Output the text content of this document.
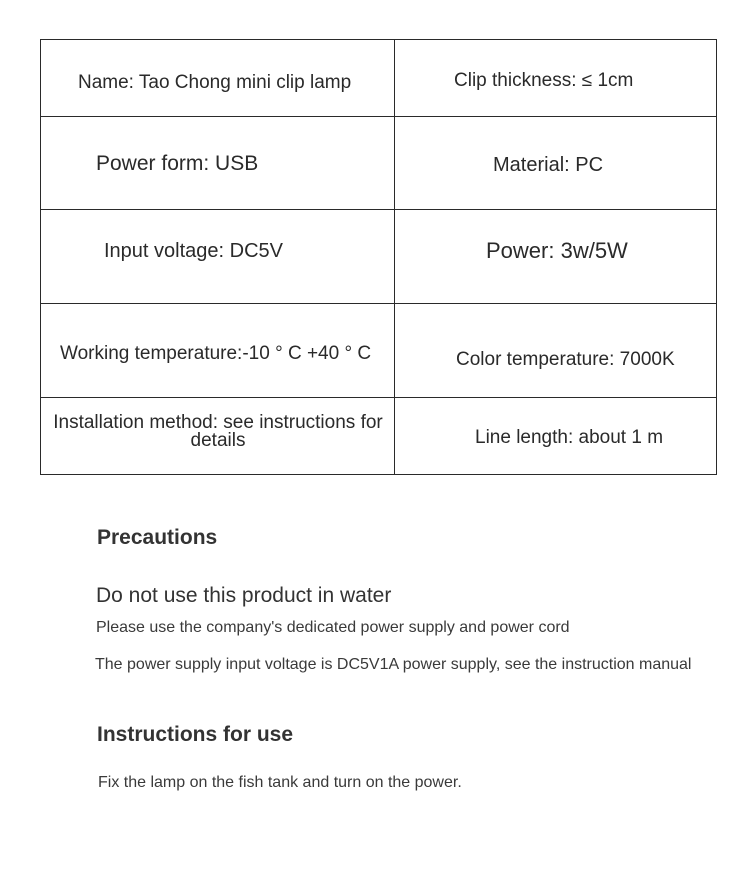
Name: Tao Chong mini clip lamp	Clip thickness: ≤ 1cm

Power form: USB	Material: PC

Input voltage: DC5V	Power: 3w/5W

Working temperature:-10 ° C +40 ° C	Color temperature: 7000K

Installation method: see instructions for details	Line length: about 1 m
Precautions
Do not use this product in water
Please use the company's dedicated power supply and power cord
The power supply input voltage is DC5V1A power supply, see the instruction manual
Instructions for use
Fix the lamp on the fish tank and turn on the power.
